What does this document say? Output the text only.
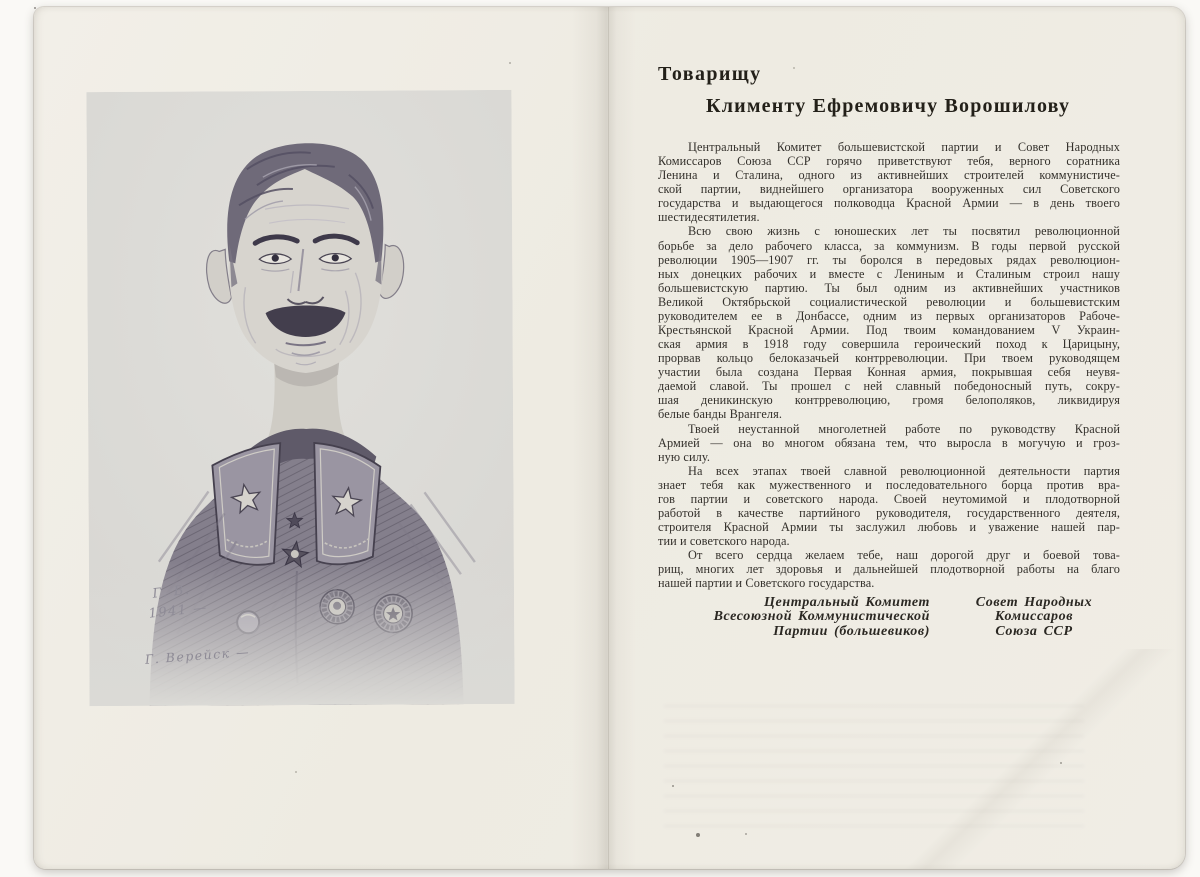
Г. В.
1941 —
Г. Верейск —
Товарищу
Клименту Ефремовичу Ворошилову
Центральный Комитет большевистской партии и Совет Народных
Комиссаров Союза ССР горячо приветствуют тебя, верного соратника
Ленина и Сталина, одного из активнейших строителей коммунистиче-
ской партии, виднейшего организатора вооруженных сил Советского
государства и выдающегося полководца Красной Армии — в день твоего
шестидесятилетия.
Всю свою жизнь с юношеских лет ты посвятил революционной
борьбе за дело рабочего класса, за коммунизм. В годы первой русской
революции 1905—1907 гг. ты боролся в передовых рядах революцион-
ных донецких рабочих и вместе с Лениным и Сталиным строил нашу
большевистскую партию. Ты был одним из активнейших участников
Великой Октябрьской социалистической революции и большевистским
руководителем ее в Донбассе, одним из первых организаторов Рабоче-
Крестьянской Красной Армии. Под твоим командованием V Украин-
ская армия в 1918 году совершила героический поход к Царицыну,
прорвав кольцо белоказачьей контрреволюции. При твоем руководящем
участии была создана Первая Конная армия, покрывшая себя неувя-
даемой славой. Ты прошел с ней славный победоносный путь, сокру-
шая деникинскую контрреволюцию, громя белополяков, ликвидируя
белые банды Врангеля.
Твоей неустанной многолетней работе по руководству Красной
Армией — она во многом обязана тем, что выросла в могучую и гроз-
ную силу.
На всех этапах твоей славной революционной деятельности партия
знает тебя как мужественного и последовательного борца против вра-
гов партии и советского народа. Своей неутомимой и плодотворной
работой в качестве партийного руководителя, государственного деятеля,
строителя Красной Армии ты заслужил любовь и уважение нашей пар-
тии и советского народа.
От всего сердца желаем тебе, наш дорогой друг и боевой това-
рищ, многих лет здоровья и дальнейшей плодотворной работы на благо
нашей партии и Советского государства.
Центральный Комитет
Всесоюзной Коммунистической
Партии (большевиков)
Совет Народных
Комиссаров
Союза ССР
